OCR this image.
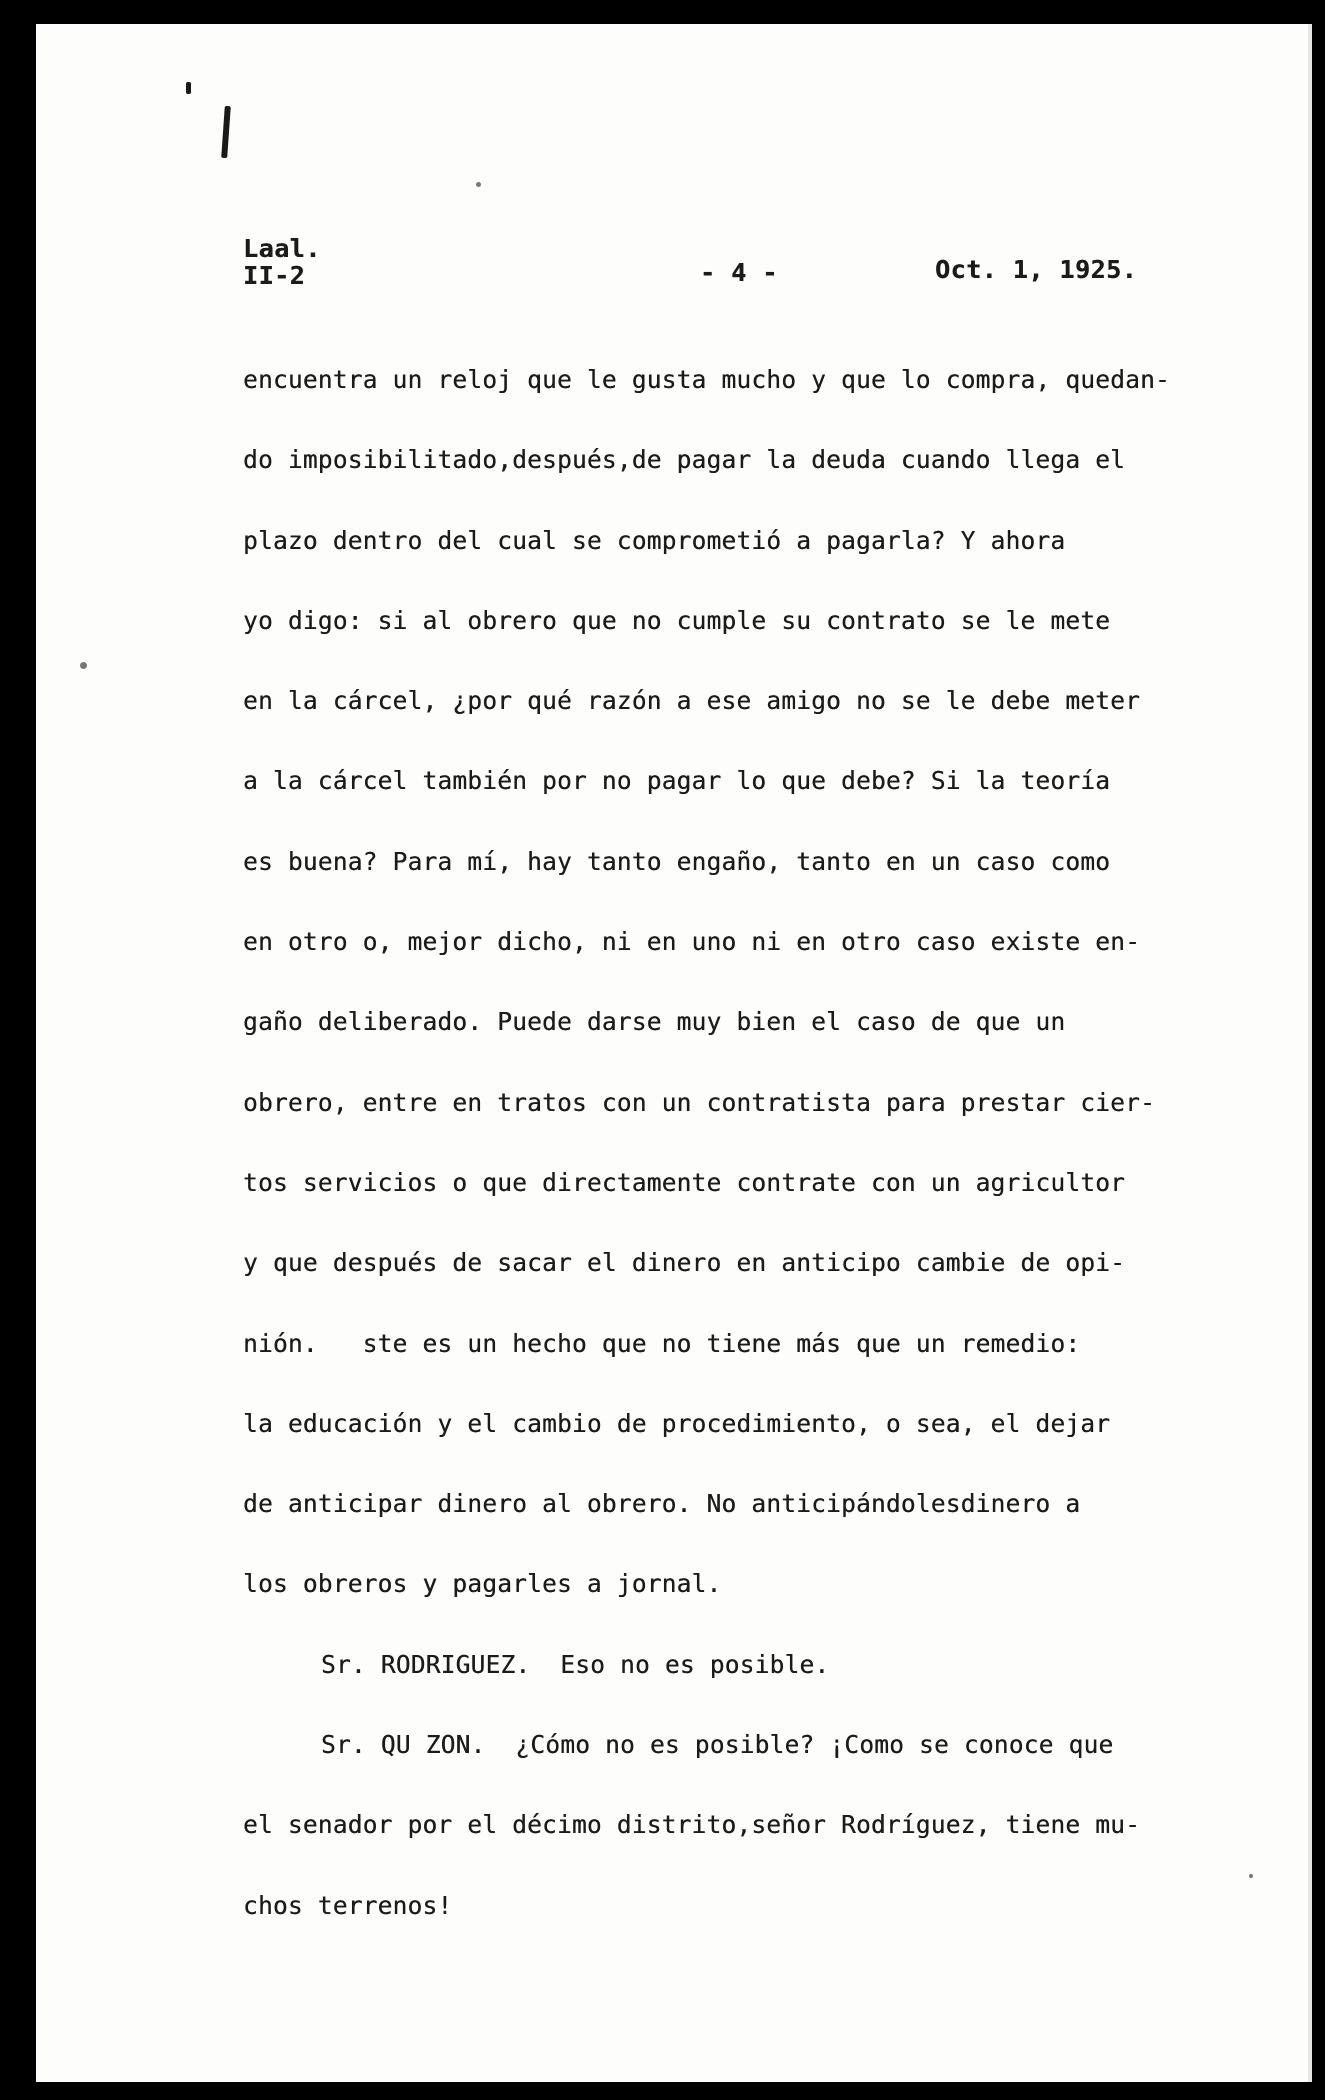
Laal.
II-2	- 4 -	Oct. 1, 1925.
encuentra un reloj que le gusta mucho y que lo compra, quedan-
do imposibilitado,después,de pagar la deuda cuando llega el
plazo dentro del cual se comprometió a pagarla? Y ahora
yo digo: si al obrero que no cumple su contrato se le mete
en la cárcel, ¿por qué razón a ese amigo no se le debe meter
a la cárcel también por no pagar lo que debe? Si la teoría
es buena? Para mí, hay tanto engaño, tanto en un caso como
en otro o, mejor dicho, ni en uno ni en otro caso existe en-
gaño deliberado. Puede darse muy bien el caso de que un
obrero, entre en tratos con un contratista para prestar cier-
tos servicios o que directamente contrate con un agricultor
y que después de sacar el dinero en anticipo cambie de opi-
nión.   ste es un hecho que no tiene más que un remedio:
la educación y el cambio de procedimiento, o sea, el dejar
de anticipar dinero al obrero. No anticipándolesdinero a
los obreros y pagarles a jornal.
Sr. RODRIGUEZ.  Eso no es posible.
Sr. QU ZON.  ¿Cómo no es posible? ¡Como se conoce que
el senador por el décimo distrito,señor Rodríguez, tiene mu-
chos terrenos!
